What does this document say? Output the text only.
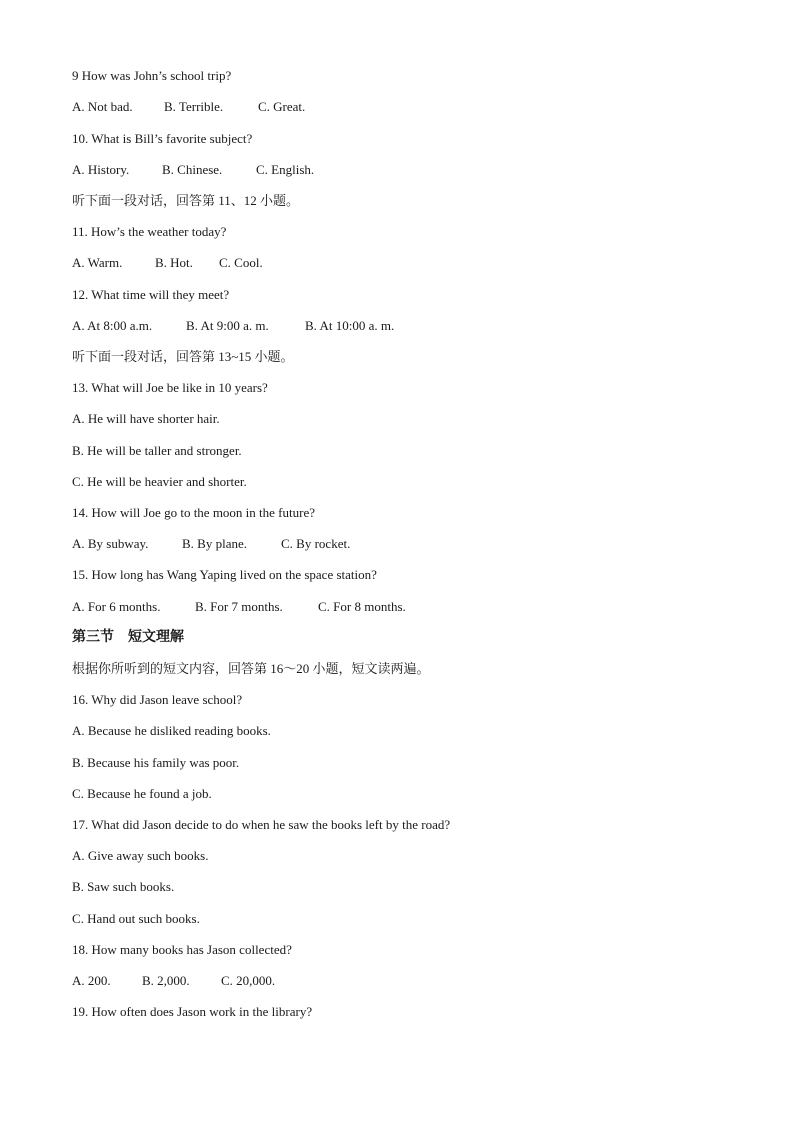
9 How was John’s school trip?
A. Not bad. B. Terrible.	C. Great.
10. What is Bill’s favorite subject?
A. History.	B. Chinese.	C. English.
听下面一段对话，回答第 11、12 小题。
11. How’s the weather today?
A. Warm.	B. Hot. C. Cool.
12. What time will they meet?
A. At 8:00 a.m.	B. At 9:00 a. m.	B. At 10:00 a. m.
听下面一段对话，回答第 13~15 小题。
13. What will Joe be like in 10 years?
A. He will have shorter hair.
B. He will be taller and stronger.
C. He will be heavier and shorter.
14. How will Joe go to the moon in the future?
A. By subway.	B. By plane.	C. By rocket.
15. How long has Wang Yaping lived on the space station?
A. For 6 months.	B. For 7 months.	C. For 8 months.
第三节 短文理解
根据你所听到的短文内容，回答第 16～20 小题，短文读两遍。
16. Why did Jason leave school?
A. Because he disliked reading books.
B. Because his family was poor.
C. Because he found a job.
17. What did Jason decide to do when he saw the books left by the road?
A. Give away such books.
B. Saw such books.
C. Hand out such books.
18. How many books has Jason collected?
A. 200. B. 2,000. C. 20,000.
19. How often does Jason work in the library?
